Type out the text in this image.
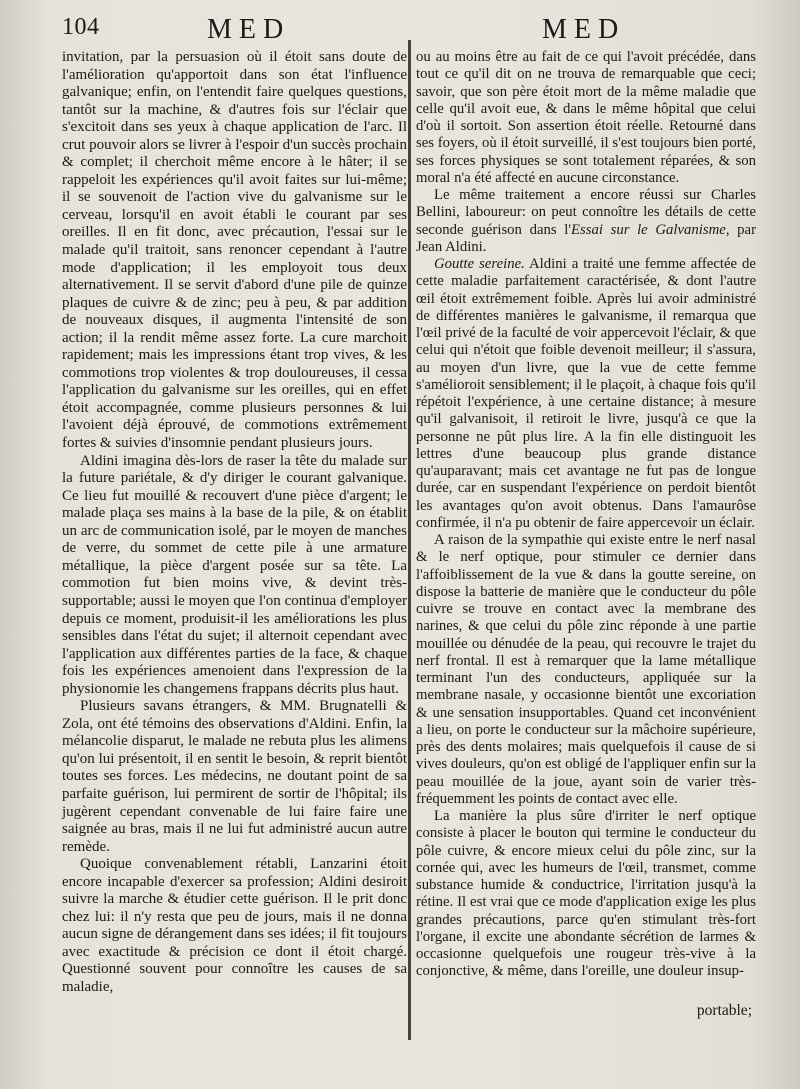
104	MED	MED

invitation, par la persuasion où il étoit sans doute de l'amélioration qu'apportoit dans son état l'influence galvanique; enfin, on l'entendit faire quelques questions, tantôt sur la machine, & d'autres fois sur l'éclair que s'excitoit dans ses yeux à chaque application de l'arc. Il crut pouvoir alors se livrer à l'espoir d'un succès prochain & complet; il cherchoit même encore à le hâter; il se rappeloit les expériences qu'il avoit faites sur lui-même; il se souvenoit de l'action vive du galvanisme sur le cerveau, lorsqu'il en avoit établi le courant par ses oreilles. Il en fit donc, avec précaution, l'essai sur le malade qu'il traitoit, sans renoncer cependant à l'autre mode d'application; il les employoit tous deux alternativement. Il se servit d'abord d'une pile de quinze plaques de cuivre & de zinc; peu à peu, & par addition de nouveaux disques, il augmenta l'intensité de son action; il la rendit même assez forte. La cure marchoit rapidement; mais les impressions étant trop vives, & les commotions trop violentes & trop douloureuses, il cessa l'application du galvanisme sur les oreilles, qui en effet étoit accompagnée, comme plusieurs personnes & lui l'avoient déjà éprouvé, de commotions extrêmement fortes & suivies d'insomnie pendant plusieurs jours.

Aldini imagina dès-lors de raser la tête du malade sur la future pariétale, & d'y diriger le courant galvanique. Ce lieu fut mouillé & recouvert d'une pièce d'argent; le malade plaça ses mains à la base de la pile, & on établit un arc de communication isolé, par le moyen de manches de verre, du sommet de cette pile à une armature métallique, la pièce d'argent posée sur sa tête. La commotion fut bien moins vive, & devint très-supportable; aussi le moyen que l'on continua d'employer depuis ce moment, produisit-il les améliorations les plus sensibles dans l'état du sujet; il alternoit cependant avec l'application aux différentes parties de la face, & chaque fois les expériences amenoient dans l'expression de la physionomie les changemens frappans décrits plus haut.

Plusieurs savans étrangers, & MM. Brugnatelli & Zola, ont été témoins des observations d'Aldini. Enfin, la mélancolie disparut, le malade ne rebuta plus les alimens qu'on lui présentoit, il en sentit le besoin, & reprit bientôt toutes ses forces. Les médecins, ne doutant point de sa parfaite guérison, lui permirent de sortir de l'hôpital; ils jugèrent cependant convenable de lui faire faire une saignée au bras, mais il ne lui fut administré aucun autre remède.

Quoique convenablement rétabli, Lanzarini étoit encore incapable d'exercer sa profession; Aldini desiroit suivre la marche & étudier cette guérison. Il le prit donc chez lui: il n'y resta que peu de jours, mais il ne donna aucun signe de dérangement dans ses idées; il fit toujours avec exactitude & précision ce dont il étoit chargé. Questionné souvent pour connoître les causes de sa maladie,

ou au moins être au fait de ce qui l'avoit précédée, dans tout ce qu'il dit on ne trouva de remarquable que ceci; savoir, que son père étoit mort de la même maladie que celle qu'il avoit eue, & dans le même hôpital que celui d'où il sortoit. Son assertion étoit réelle. Retourné dans ses foyers, où il étoit surveillé, il s'est toujours bien porté, ses forces physiques se sont totalement réparées, & son moral n'a été affecté en aucune circonstance.

Le même traitement a encore réussi sur Charles Bellini, laboureur: on peut connoître les détails de cette seconde guérison dans l'Essai sur le Galvanisme, par Jean Aldini.

Goutte sereine. Aldini a traité une femme affectée de cette maladie parfaitement caractérisée, & dont l'autre œil étoit extrêmement foible. Après lui avoir administré de différentes manières le galvanisme, il remarqua que l'œil privé de la faculté de voir appercevoit l'éclair, & que celui qui n'étoit que foible devenoit meilleur; il s'assura, au moyen d'un livre, que la vue de cette femme s'amélioroit sensiblement; il le plaçoit, à chaque fois qu'il répétoit l'expérience, à une certaine distance; à mesure qu'il galvanisoit, il retiroit le livre, jusqu'à ce que la personne ne pût plus lire. A la fin elle distinguoit les lettres d'une beaucoup plus grande distance qu'auparavant; mais cet avantage ne fut pas de longue durée, car en suspendant l'expérience on perdoit bientôt les avantages qu'on avoit obtenus. Dans l'amaurôse confirmée, il n'a pu obtenir de faire appercevoir un éclair.

A raison de la sympathie qui existe entre le nerf nasal & le nerf optique, pour stimuler ce dernier dans l'affoiblissement de la vue & dans la goutte sereine, on dispose la batterie de manière que le conducteur du pôle cuivre se trouve en contact avec la membrane des narines, & que celui du pôle zinc réponde à une partie mouillée ou dénudée de la peau, qui recouvre le trajet du nerf frontal. Il est à remarquer que la lame métallique terminant l'un des conducteurs, appliquée sur la membrane nasale, y occasionne bientôt une excoriation & une sensation insupportables. Quand cet inconvénient a lieu, on porte le conducteur sur la mâchoire supérieure, près des dents molaires; mais quelquefois il cause de si vives douleurs, qu'on est obligé de l'appliquer enfin sur la peau mouillée de la joue, ayant soin de varier très-fréquemment les points de contact avec elle.

La manière la plus sûre d'irriter le nerf optique consiste à placer le bouton qui termine le conducteur du pôle cuivre, & encore mieux celui du pôle zinc, sur la cornée qui, avec les humeurs de l'œil, transmet, comme substance humide & conductrice, l'irritation jusqu'à la rétine. Il est vrai que ce mode d'application exige les plus grandes précautions, parce qu'en stimulant très-fort l'organe, il excite une abondante sécrétion de larmes & occasionne quelquefois une rougeur très-vive à la conjonctive, & même, dans l'oreille, une douleur insup-

portable;
